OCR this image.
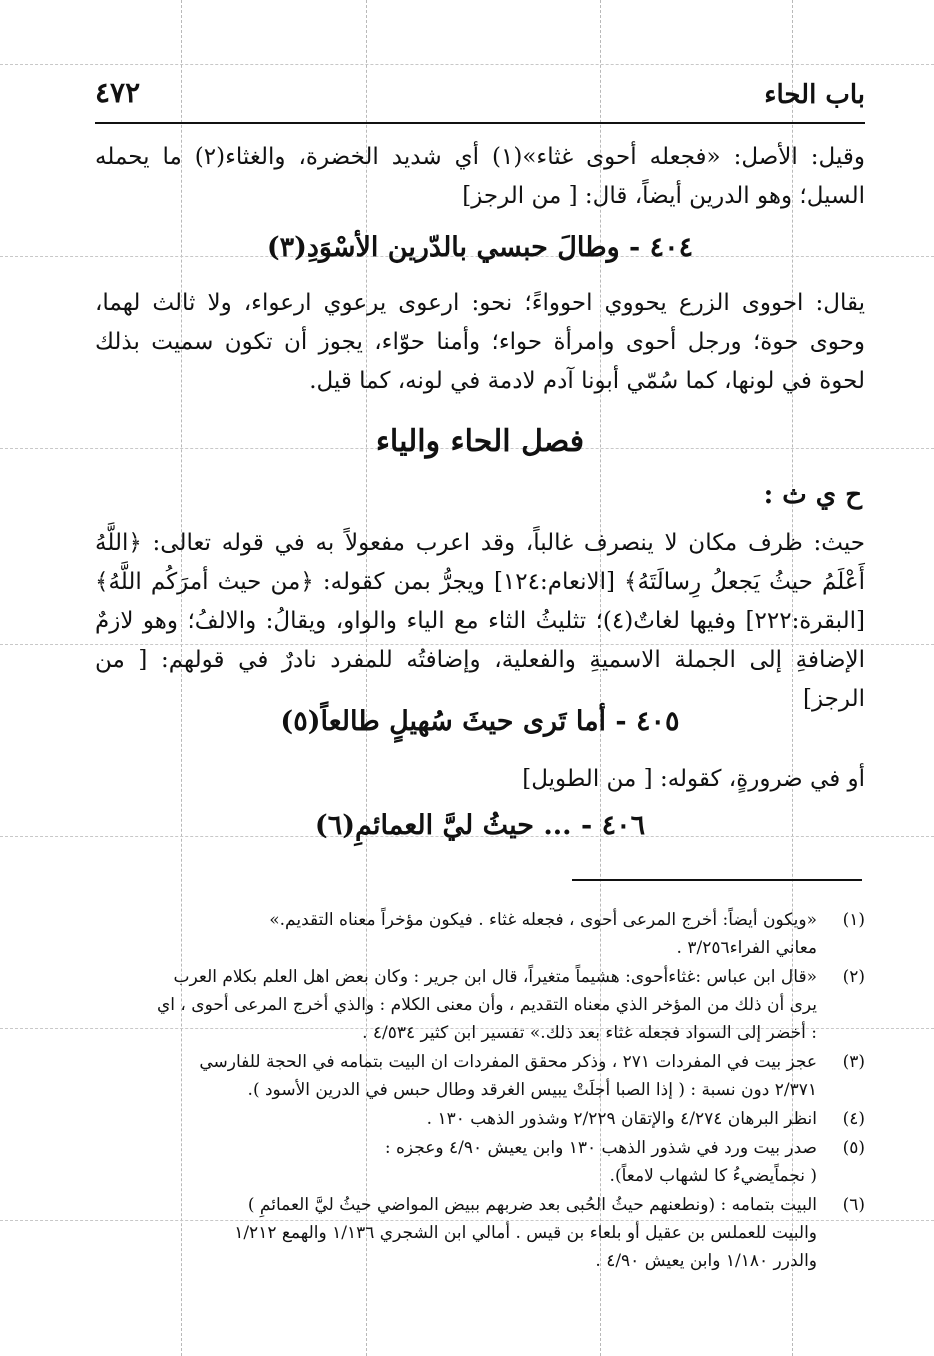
باب الحاء
٤٧٢
وقيل: الأصل: «فجعله أحوى غثاء»(١) أي شديد الخضرة، والغثاء(٢) ما يحمله السيل؛ وهو الدرين أيضاً، قال: [ من الرجز]
٤٠٤ - وطالَ حبسي بالدّرين الأسْوَدِ(٣)
يقال: احووى الزرع يحووي احوواءً؛ نحو: ارعوى يرعوي ارعواء، ولا ثالث لهما، وحوى حوة؛ ورجل أحوى وامرأة حواء؛ وأمنا حوّاء، يجوز أن تكون سميت بذلك لحوة في لونها، كما سُمّي أبونا آدم لادمة في لونه، كما قيل.
فصل الحاء والياء
ح ي ث :
حيث: ظرف مكان لا ينصرف غالباً، وقد اعرب مفعولاً به في قوله تعالى: ﴿اللَّهُ أَعْلَمُ حيثُ يَجعلُ رِسالَتَهُ﴾ [الانعام:١٢٤] ويجرُّ بمن كقوله: ﴿من حيث أمرَكُم اللَّهُ﴾ [البقرة:٢٢٢] وفيها لغاتٌ(٤)؛ تثليثُ الثاء مع الياء والواو، ويقالُ: والالفُ؛ وهو لازمٌ الإضافةِ إلى الجملة الاسميةِ والفعلية، وإضافتُه للمفرد نادرٌ في قولهم: [ من الرجز]
٤٠٥ - أما تَرى حيثَ سُهيلٍ طالعاً(٥)
أو في ضرورةٍ، كقوله: [ من الطويل]
٤٠٦ - ... حيثُ ليَّ العمائمِ(٦)
(١)
«ويكون أيضاً: أخرج المرعى أحوى ، فجعله غثاء . فيكون مؤخراً معناه التقديم.»
معاني الفراء٣/٢٥٦ .
(٢)
«قال ابن عباس :غثاءأحوى: هشيماً متغيراً، قال ابن جرير : وكان بعض اهل العلم بكلام العرب
يرى أن ذلك من المؤخر الذي معناه التقديم ، وأن معنى الكلام : والذي أخرج المرعى أحوى ، اي
: أخضر إلى السواد فجعله غثاء بعد ذلك.» تفسير ابن كثير ٤/٥٣٤ .
(٣)
عجز بيت في المفردات ٢٧١ ، وذكر محقق المفردات ان البيت بتمامه في الحجة للفارسي
٢/٣٧١ دون نسبة : ( إذا الصبا أجلَتْ يبيس الغرقد وطال حبس في الدرين الأسود ).
(٤)
انظر البرهان ٤/٢٧٤ والإتقان ٢/٢٢٩ وشذور الذهب ١٣٠ .
(٥)
صدر بيت ورد في شذور الذهب ١٣٠ وابن يعيش ٤/٩٠ وعجزه :
( نجماًيضيءُ كا لشهاب لامعاً).
(٦)
البيت بتمامه : (ونطعنهم حيثُ الحُبى بعد ضربهم ببيض المواضي حيثُ ليَّ العمائمِ )
والبيت للعملس بن عقيل أو بلعاء بن قيس . أمالي ابن الشجري ١/١٣٦ والهمع ١/٢١٢
والدرر ١/١٨٠ وابن يعيش ٤/٩٠ .
